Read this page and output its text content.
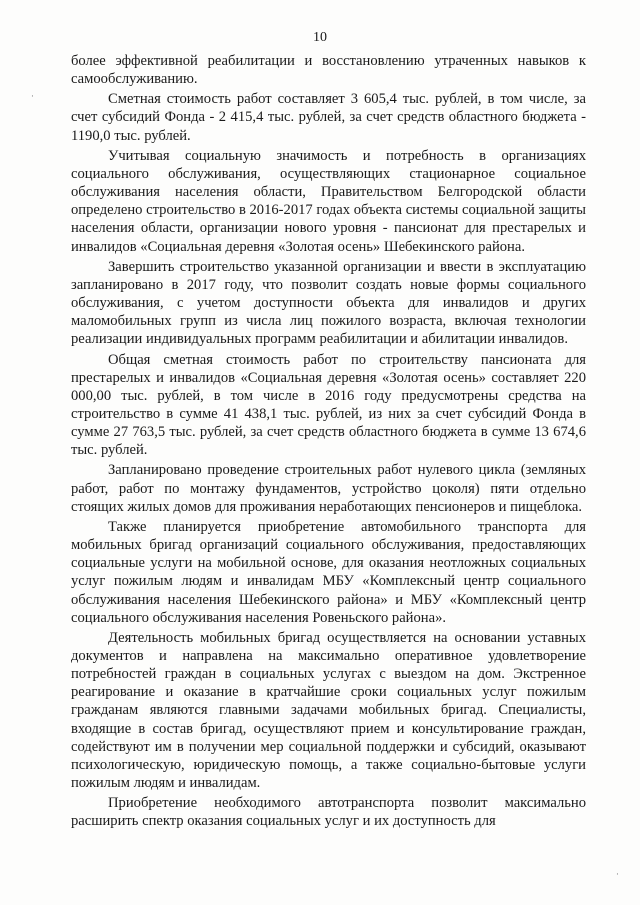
10
·
·

более эффективной реабилитации и восстановлению утраченных навыков к самообслуживанию.

Сметная стоимость работ составляет 3 605,4 тыс. рублей, в том числе, за счет субсидий Фонда - 2 415,4 тыс. рублей, за счет средств областного бюджета - 1190,0 тыс. рублей.

Учитывая социальную значимость и потребность в организациях социального обслуживания, осуществляющих стационарное социальное обслуживания населения области, Правительством Белгородской области определено строительство в 2016-2017 годах объекта системы социальной защиты населения области, организации нового уровня - пансионат для престарелых и инвалидов «Социальная деревня «Золотая осень» Шебекинского района.

Завершить строительство указанной организации и ввести в эксплуатацию запланировано в 2017 году, что позволит создать новые формы социального обслуживания, с учетом доступности объекта для инвалидов и других маломобильных групп из числа лиц пожилого возраста, включая технологии реализации индивидуальных программ реабилитации и абилитации инвалидов.

Общая сметная стоимость работ по строительству пансионата для престарелых и инвалидов «Социальная деревня «Золотая осень» составляет 220 000,00 тыс. рублей, в том числе в 2016 году предусмотрены средства на строительство в сумме 41 438,1 тыс. рублей, из них за счет субсидий Фонда в сумме 27 763,5 тыс. рублей, за счет средств областного бюджета в сумме 13 674,6 тыс. рублей.

Запланировано проведение строительных работ нулевого цикла (земляных работ, работ по монтажу фундаментов, устройство цоколя) пяти отдельно стоящих жилых домов для проживания неработающих пенсионеров и пищеблока.

Также планируется приобретение автомобильного транспорта для мобильных бригад организаций социального обслуживания, предоставляющих социальные услуги на мобильной основе, для оказания неотложных социальных услуг пожилым людям и инвалидам МБУ «Комплексный центр социального обслуживания населения Шебекинского района» и МБУ «Комплексный центр социального обслуживания населения Ровеньского района».

Деятельность мобильных бригад осуществляется на основании уставных документов и направлена на максимально оперативное удовлетворение потребностей граждан в социальных услугах с выездом на дом. Экстренное реагирование и оказание в кратчайшие сроки социальных услуг пожилым гражданам являются главными задачами мобильных бригад. Специалисты, входящие в состав бригад, осуществляют прием и консультирование граждан, содействуют им в получении мер социальной поддержки и субсидий, оказывают психологическую, юридическую помощь, а также социально-бытовые услуги пожилым людям и инвалидам.

Приобретение необходимого автотранспорта позволит максимально расширить спектр оказания социальных услуг и их доступность для
